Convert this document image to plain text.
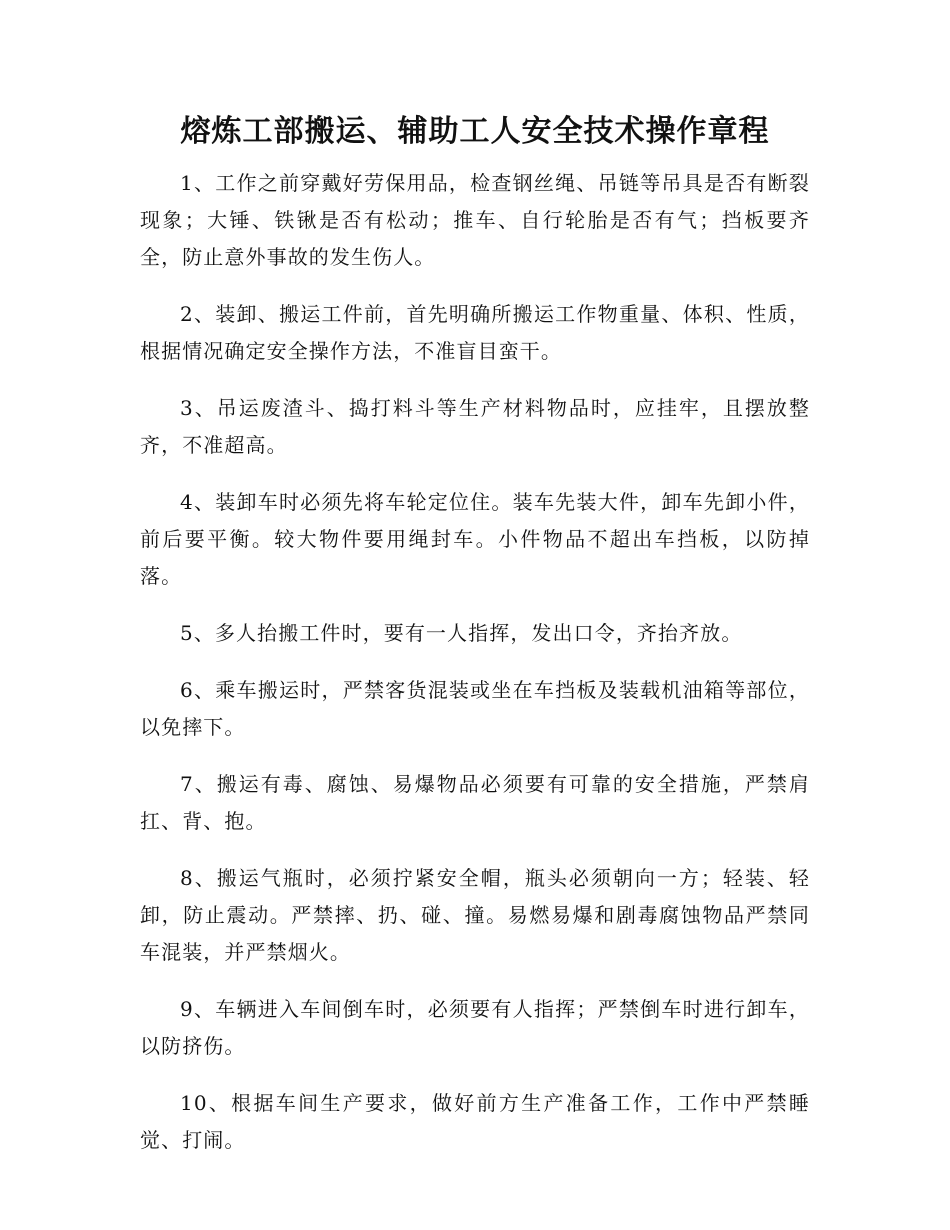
熔炼工部搬运、辅助工人安全技术操作章程

1、工作之前穿戴好劳保用品，检查钢丝绳、吊链等吊具是否有断裂现象；大锤、铁锹是否有松动；推车、自行轮胎是否有气；挡板要齐全，防止意外事故的发生伤人。

2、装卸、搬运工件前，首先明确所搬运工作物重量、体积、性质，根据情况确定安全操作方法，不准盲目蛮干。

3、吊运废渣斗、捣打料斗等生产材料物品时，应挂牢，且摆放整齐，不准超高。

4、装卸车时必须先将车轮定位住。装车先装大件，卸车先卸小件，前后要平衡。较大物件要用绳封车。小件物品不超出车挡板，以防掉落。

5、多人抬搬工件时，要有一人指挥，发出口令，齐抬齐放。

6、乘车搬运时，严禁客货混装或坐在车挡板及装载机油箱等部位，以免摔下。

7、搬运有毒、腐蚀、易爆物品必须要有可靠的安全措施，严禁肩扛、背、抱。

8、搬运气瓶时，必须拧紧安全帽，瓶头必须朝向一方；轻装、轻卸，防止震动。严禁摔、扔、碰、撞。易燃易爆和剧毒腐蚀物品严禁同车混装，并严禁烟火。

9、车辆进入车间倒车时，必须要有人指挥；严禁倒车时进行卸车，以防挤伤。

10、根据车间生产要求，做好前方生产准备工作，工作中严禁睡觉、打闹。
